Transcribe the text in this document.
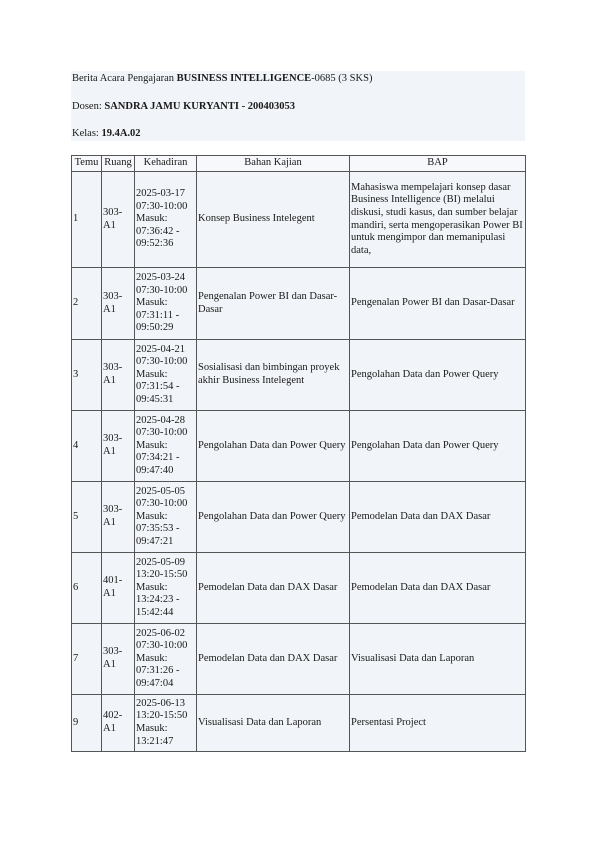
Berita Acara Pengajaran BUSINESS INTELLIGENCE-0685 (3 SKS)
Dosen: SANDRA JAMU KURYANTI - 200403053
Kelas: 19.4A.02
Temu	Ruang	Kehadiran	Bahan Kajian	BAP
1	303-A1	2025-03-17
07:30-10:00
Masuk:
07:36:42 -
09:52:36	Konsep Business Intelegent	Mahasiswa mempelajari konsep dasar Business Intelligence (BI) melalui diskusi, studi kasus, dan sumber belajar mandiri, serta mengoperasikan Power BI untuk mengimpor dan memanipulasi data,
2	303-A1	2025-03-24
07:30-10:00
Masuk:
07:31:11 -
09:50:29	Pengenalan Power BI dan Dasar-Dasar	Pengenalan Power BI dan Dasar-Dasar
3	303-A1	2025-04-21
07:30-10:00
Masuk:
07:31:54 -
09:45:31	Sosialisasi dan bimbingan proyek akhir Business Intelegent	Pengolahan Data dan Power Query
4	303-A1	2025-04-28
07:30-10:00
Masuk:
07:34:21 -
09:47:40	Pengolahan Data dan Power Query	Pengolahan Data dan Power Query
5	303-A1	2025-05-05
07:30-10:00
Masuk:
07:35:53 -
09:47:21	Pengolahan Data dan Power Query	Pemodelan Data dan DAX Dasar
6	401-A1	2025-05-09
13:20-15:50
Masuk:
13:24:23 -
15:42:44	Pemodelan Data dan DAX Dasar	Pemodelan Data dan DAX Dasar
7	303-A1	2025-06-02
07:30-10:00
Masuk:
07:31:26 -
09:47:04	Pemodelan Data dan DAX Dasar	Visualisasi Data dan Laporan
9	402-A1	2025-06-13
13:20-15:50
Masuk:
13:21:47	Visualisasi Data dan Laporan	Persentasi Project
